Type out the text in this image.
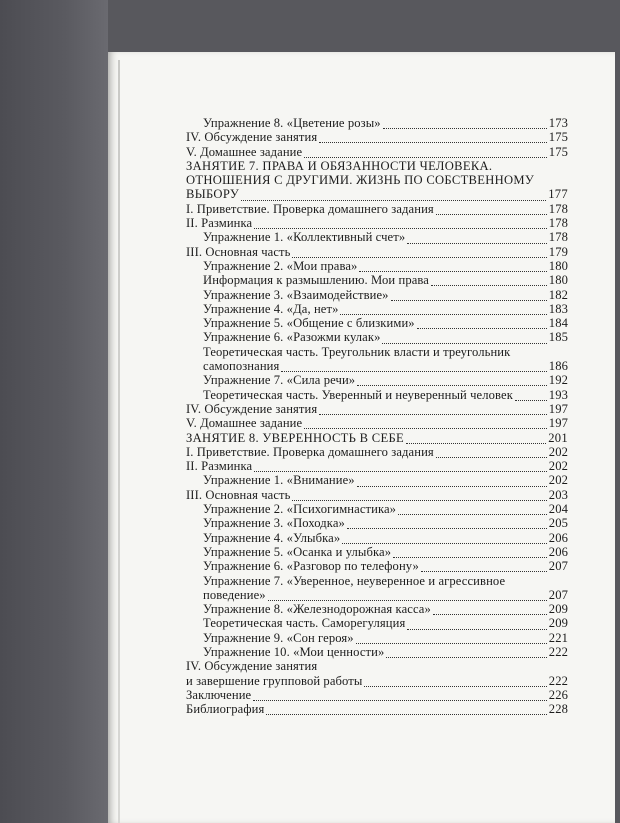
Упражнение 8. «Цветение розы»	173
IV. Обсуждение занятия	175
V. Домашнее задание	175
ЗАНЯТИЕ 7. ПРАВА И ОБЯЗАННОСТИ ЧЕЛОВЕКА.
ОТНОШЕНИЯ С ДРУГИМИ. ЖИЗНЬ ПО СОБСТВЕННОМУ
ВЫБОРУ	177
I. Приветствие. Проверка домашнего задания	178
II. Разминка	178
Упражнение 1. «Коллективный счет»	178
III. Основная часть	179
Упражнение 2. «Мои права»	180
Информация к размышлению. Мои права	180
Упражнение 3. «Взаимодействие»	182
Упражнение 4. «Да, нет»	183
Упражнение 5. «Общение с близкими»	184
Упражнение 6. «Разожми кулак»	185
Теоретическая часть. Треугольник власти и треугольник
самопознания	186
Упражнение 7. «Сила речи»	192
Теоретическая часть. Уверенный и неуверенный человек	193
IV. Обсуждение занятия	197
V. Домашнее задание	197
ЗАНЯТИЕ 8. УВЕРЕННОСТЬ В СЕБЕ	201
I. Приветствие. Проверка домашнего задания	202
II. Разминка	202
Упражнение 1. «Внимание»	202
III. Основная часть	203
Упражнение 2. «Психогимнастика»	204
Упражнение 3. «Походка»	205
Упражнение 4. «Улыбка»	206
Упражнение 5. «Осанка и улыбка»	206
Упражнение 6. «Разговор по телефону»	207
Упражнение 7. «Уверенное, неуверенное и агрессивное
поведение»	207
Упражнение 8. «Железнодорожная касса»	209
Теоретическая часть. Саморегуляция	209
Упражнение 9. «Сон героя»	221
Упражнение 10. «Мои ценности»	222
IV. Обсуждение занятия
и завершение групповой работы	222
Заключение	226
Библиография	228
